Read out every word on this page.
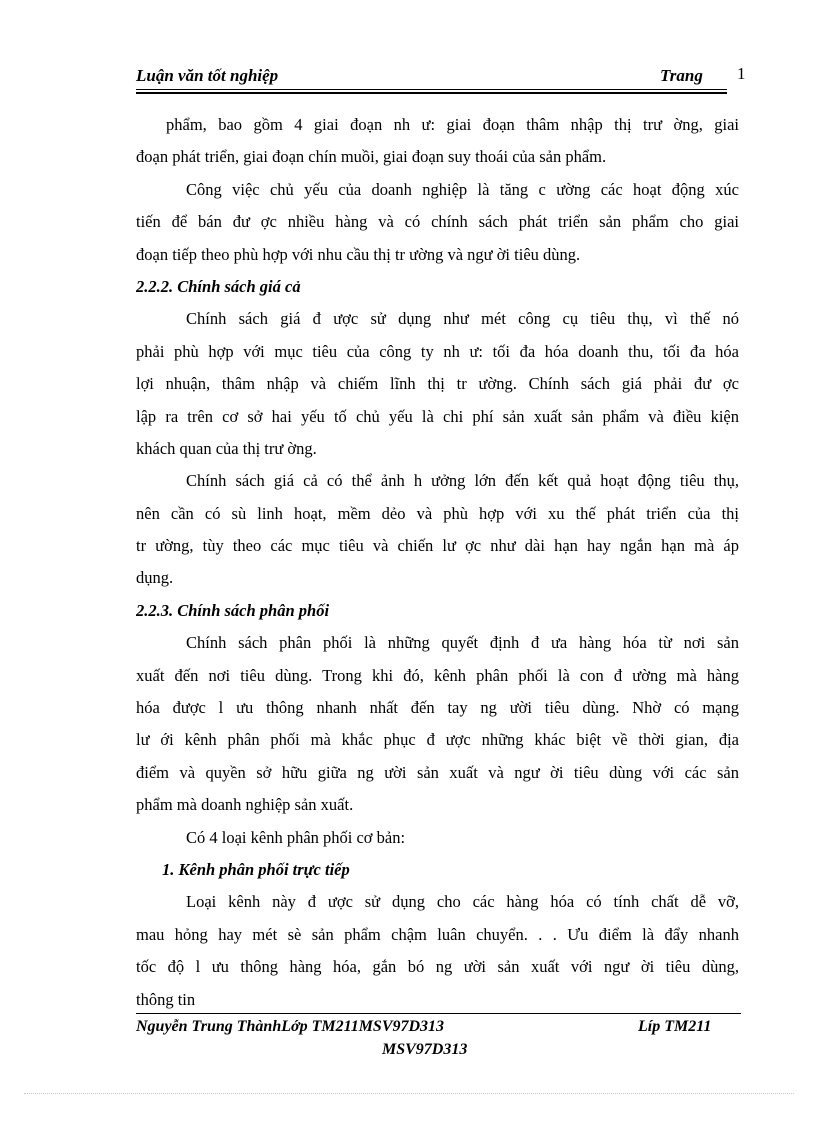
Luận văn tốt nghiệp	Trang 1
phẩm, bao gồm 4 giai đoạn nh ư: giai đoạn thâm nhập thị trư ờng, giai
đoạn phát triển, giai đoạn chín muồi, giai đoạn suy thoái của sản phẩm.
Công việc chủ yếu của doanh nghiệp là tăng c ường các hoạt động xúc
tiến để bán đư ợc nhiều hàng và có chính sách phát triển sản phẩm cho giai
đoạn tiếp theo phù hợp với nhu cầu thị tr ường và ngư ời tiêu dùng.
2.2.2. Chính sách giá cả
Chính sách giá đ ược sử dụng như mét công cụ tiêu thụ, vì thế nó
phải phù hợp với mục tiêu của công ty nh ư: tối đa hóa doanh thu, tối đa hóa
lợi nhuận, thâm nhập và chiếm lĩnh thị tr ường. Chính sách giá phải đư ợc
lập ra trên cơ sở hai yếu tố chủ yếu là chi phí sản xuất sản phẩm và điều kiện
khách quan của thị trư ờng.
Chính sách giá cả có thể ảnh h ưởng lớn đến kết quả hoạt động tiêu thụ,
nên cần có sù linh hoạt, mềm dẻo và phù hợp với xu thế phát triển của thị
tr ường, tùy theo các mục tiêu và chiến lư ợc như dài hạn hay ngắn hạn mà áp
dụng.
2.2.3. Chính sách phân phối
Chính sách phân phối là những quyết định đ ưa hàng hóa từ nơi sản
xuất đến nơi tiêu dùng. Trong khi đó, kênh phân phối là con đ ường mà hàng
hóa được l ưu thông nhanh nhất đến tay ng ười tiêu dùng. Nhờ có mạng
lư ới kênh phân phối mà khắc phục đ ược những khác biệt về thời gian, địa
điểm và quyền sở hữu giữa ng ười sản xuất và ngư ời tiêu dùng với các sản
phẩm mà doanh nghiệp sản xuất.
Có 4 loại kênh phân phối cơ bản:
1. Kênh phân phối trực tiếp
Loại kênh này đ ược sử dụng cho các hàng hóa có tính chất dễ vỡ,
mau hỏng hay mét sè sản phẩm chậm luân chuyển. . . Ưu điểm là đẩy nhanh
tốc độ l ưu thông hàng hóa, gắn bó ng ười sản xuất với ngư ời tiêu dùng,
thông tin
Nguyễn Trung ThànhLớp TM211MSV97D313	Líp TM211
MSV97D313
